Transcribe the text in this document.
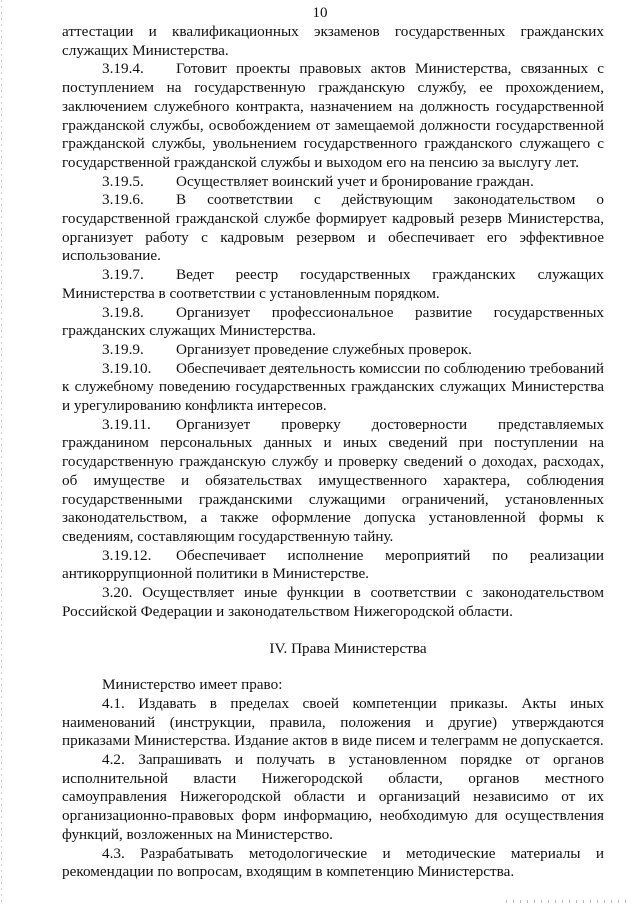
10

аттестации и квалификационных экзаменов государственных гражданских служащих Министерства.

3.19.4. Готовит проекты правовых актов Министерства, связанных с поступлением на государственную гражданскую службу, ее прохождением, заключением служебного контракта, назначением на должность государственной гражданской службы, освобождением от замещаемой должности государственной гражданской службы, увольнением государственного гражданского служащего с государственной гражданской службы и выходом его на пенсию за выслугу лет.

3.19.5. Осуществляет воинский учет и бронирование граждан.

3.19.6. В соответствии с действующим законодательством о государственной гражданской службе формирует кадровый резерв Министерства, организует работу с кадровым резервом и обеспечивает его эффективное использование.

3.19.7. Ведет реестр государственных гражданских служащих Министерства в соответствии с установленным порядком.

3.19.8. Организует профессиональное развитие государственных гражданских служащих Министерства.

3.19.9. Организует проведение служебных проверок.

3.19.10. Обеспечивает деятельность комиссии по соблюдению требований к служебному поведению государственных гражданских служащих Министерства и урегулированию конфликта интересов.

3.19.11. Организует проверку достоверности представляемых гражданином персональных данных и иных сведений при поступлении на государственную гражданскую службу и проверку сведений о доходах, расходах, об имуществе и обязательствах имущественного характера, соблюдения государственными гражданскими служащими ограничений, установленных законодательством, а также оформление допуска установленной формы к сведениям, составляющим государственную тайну.

3.19.12. Обеспечивает исполнение мероприятий по реализации антикоррупционной политики в Министерстве.

3.20. Осуществляет иные функции в соответствии с законодательством Российской Федерации и законодательством Нижегородской области.

IV. Права Министерства

Министерство имеет право:

4.1. Издавать в пределах своей компетенции приказы. Акты иных наименований (инструкции, правила, положения и другие) утверждаются приказами Министерства. Издание актов в виде писем и телеграмм не допускается.

4.2. Запрашивать и получать в установленном порядке от органов исполнительной власти Нижегородской области, органов местного самоуправления Нижегородской области и организаций независимо от их организационно-правовых форм информацию, необходимую для осуществления функций, возложенных на Министерство.

4.3. Разрабатывать методологические и методические материалы и рекомендации по вопросам, входящим в компетенцию Министерства.
